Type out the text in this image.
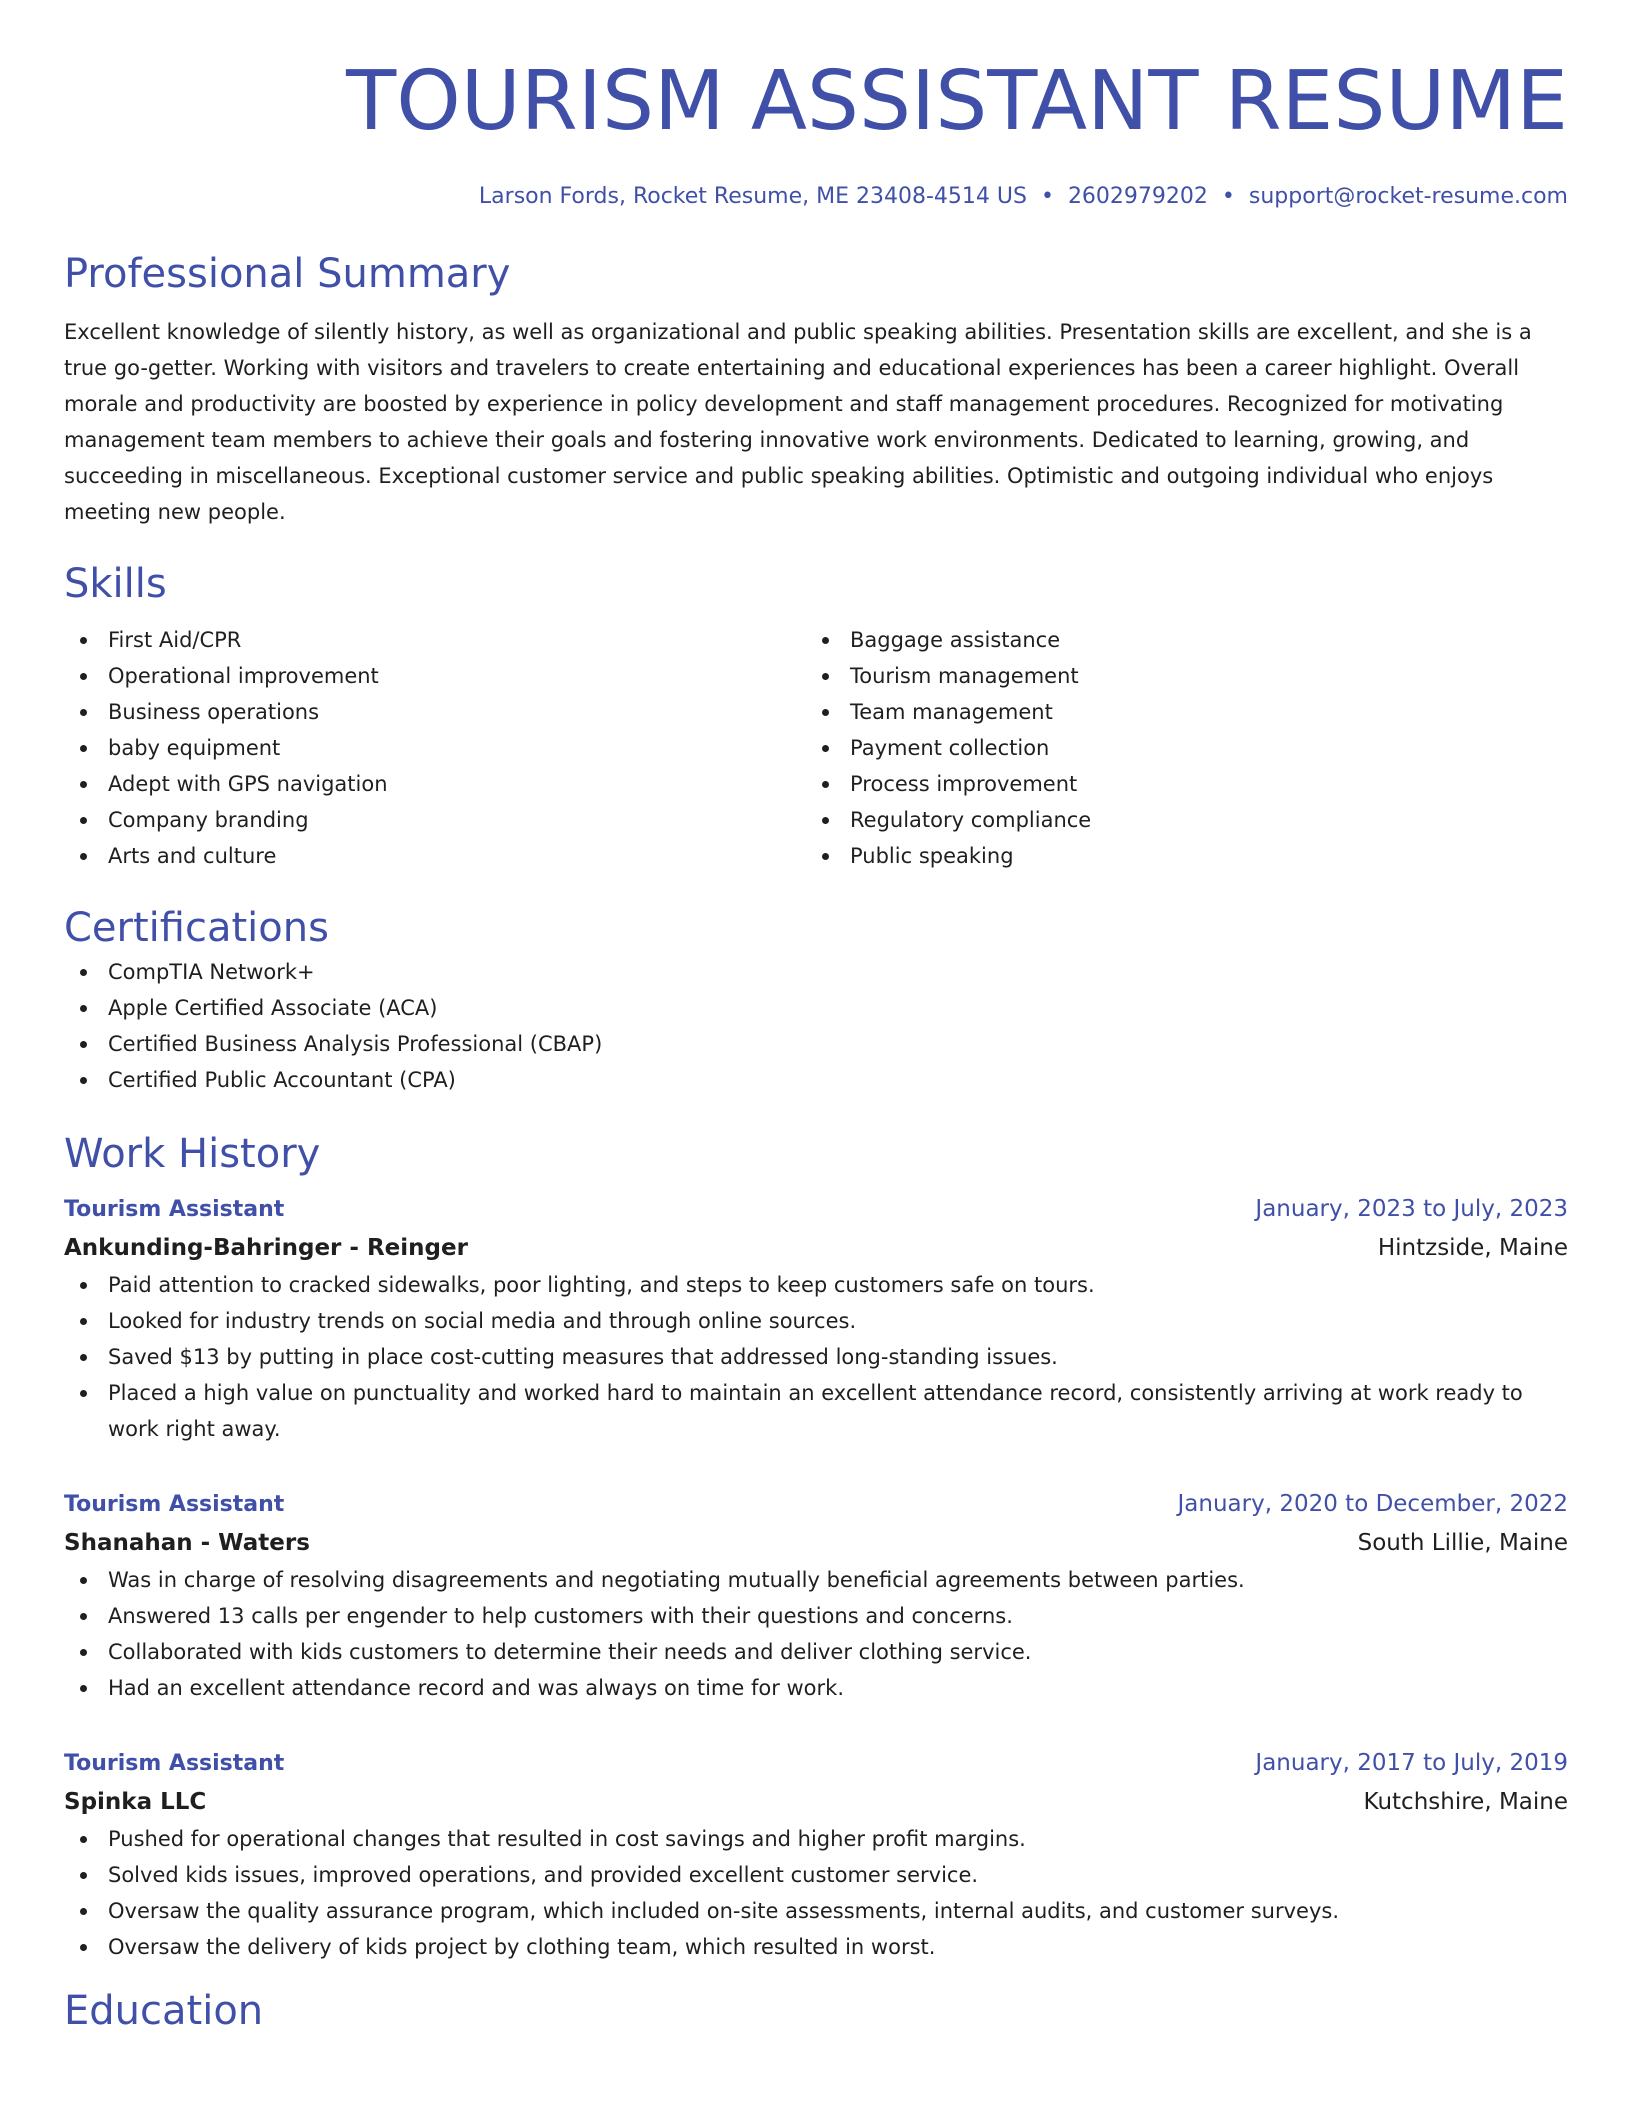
TOURISM ASSISTANT RESUME
Larson Fords, Rocket Resume, ME 23408-4514 US • 2602979202 • support@rocket-resume.com
Professional Summary
Excellent knowledge of silently history, as well as organizational and public speaking abilities. Presentation skills are excellent, and she is a true go-getter. Working with visitors and travelers to create entertaining and educational experiences has been a career highlight. Overall morale and productivity are boosted by experience in policy development and staff management procedures. Recognized for motivating management team members to achieve their goals and fostering innovative work environments. Dedicated to learning, growing, and succeeding in miscellaneous. Exceptional customer service and public speaking abilities. Optimistic and outgoing individual who enjoys meeting new people.
Skills
First Aid/CPR
Operational improvement
Business operations
baby equipment
Adept with GPS navigation
Company branding
Arts and culture
Baggage assistance
Tourism management
Team management
Payment collection
Process improvement
Regulatory compliance
Public speaking
Certifications
CompTIA Network+
Apple Certified Associate (ACA)
Certified Business Analysis Professional (CBAP)
Certified Public Accountant (CPA)
Work History
Tourism Assistant	January, 2023 to July, 2023
Ankunding-Bahringer - Reinger	Hintzside, Maine
Paid attention to cracked sidewalks, poor lighting, and steps to keep customers safe on tours.
Looked for industry trends on social media and through online sources.
Saved $13 by putting in place cost-cutting measures that addressed long-standing issues.
Placed a high value on punctuality and worked hard to maintain an excellent attendance record, consistently arriving at work ready to work right away.
Tourism Assistant	January, 2020 to December, 2022
Shanahan - Waters	South Lillie, Maine
Was in charge of resolving disagreements and negotiating mutually beneficial agreements between parties.
Answered 13 calls per engender to help customers with their questions and concerns.
Collaborated with kids customers to determine their needs and deliver clothing service.
Had an excellent attendance record and was always on time for work.
Tourism Assistant	January, 2017 to July, 2019
Spinka LLC	Kutchshire, Maine
Pushed for operational changes that resulted in cost savings and higher profit margins.
Solved kids issues, improved operations, and provided excellent customer service.
Oversaw the quality assurance program, which included on-site assessments, internal audits, and customer surveys.
Oversaw the delivery of kids project by clothing team, which resulted in worst.
Education
